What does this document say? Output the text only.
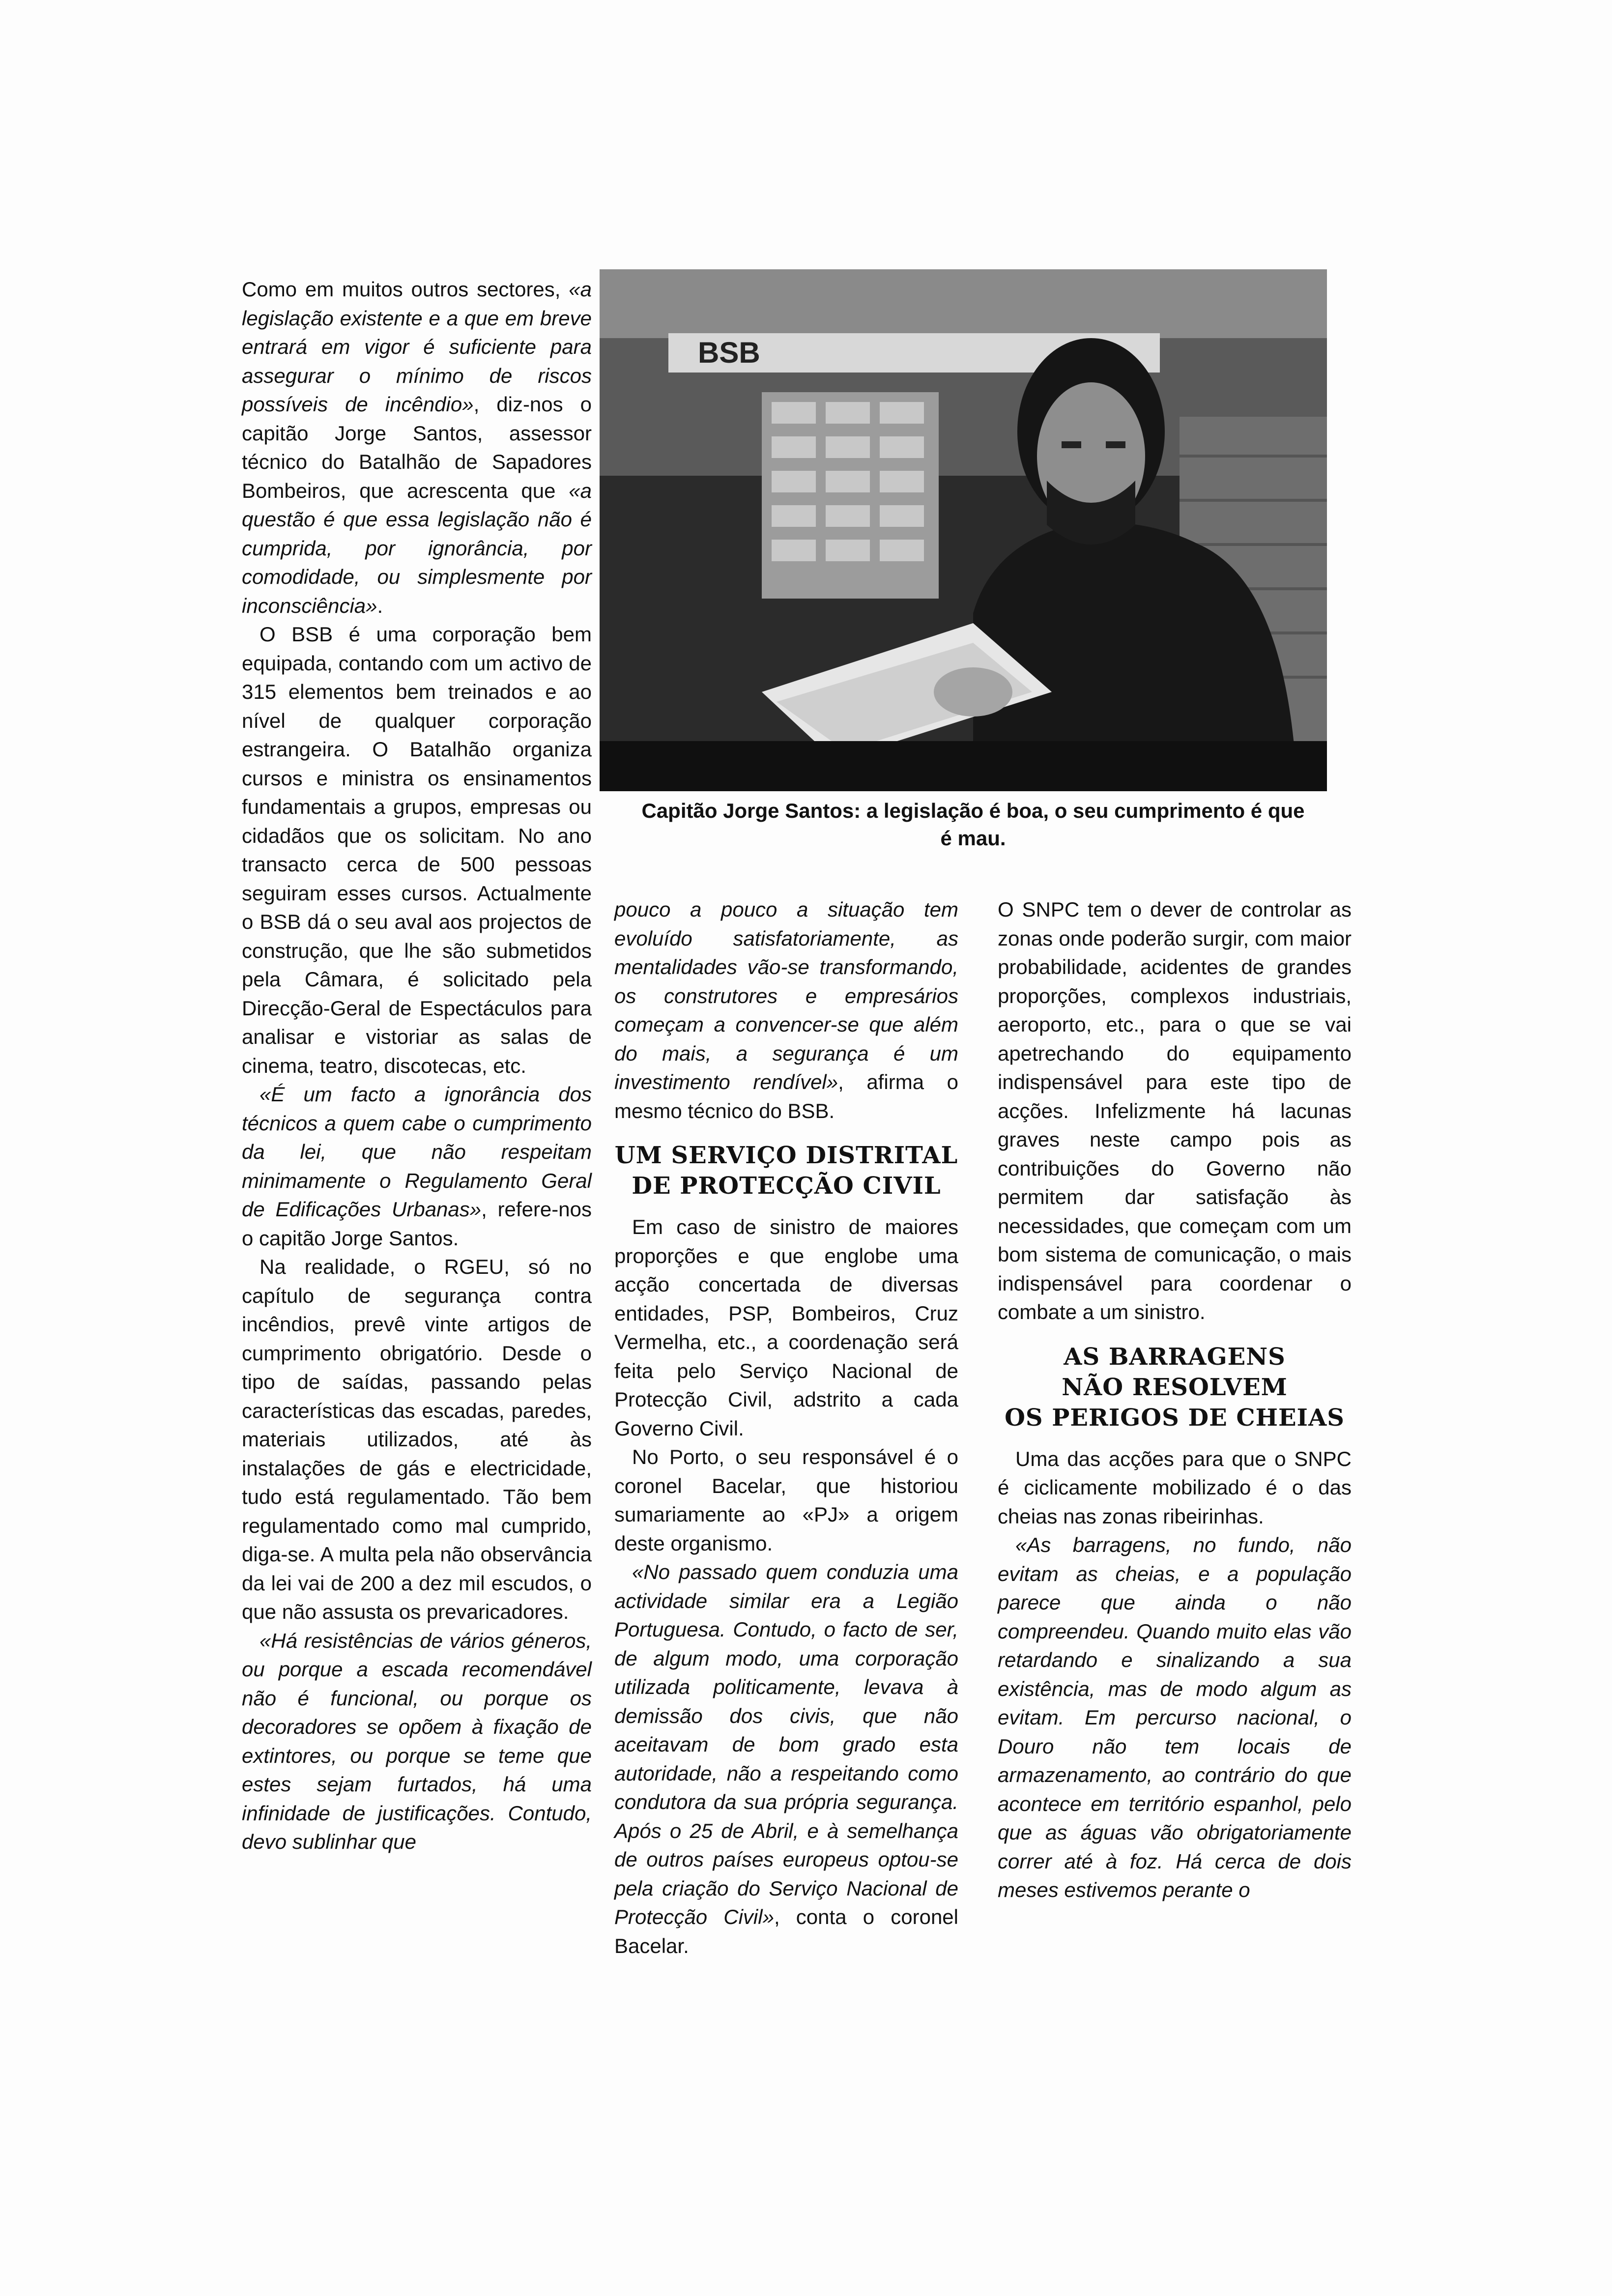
Como em muitos outros sectores, «a legislação existente e a que em breve entrará em vigor é suficiente para assegurar o mínimo de riscos possíveis de incêndio», diz-nos o capitão Jorge Santos, assessor técnico do Batalhão de Sapadores Bombeiros, que acrescenta que «a questão é que essa legislação não é cumprida, por ignorância, por comodidade, ou simplesmente por inconsciência».

O BSB é uma corporação bem equipada, contando com um activo de 315 elementos bem treinados e ao nível de qualquer corporação estrangeira. O Batalhão organiza cursos e ministra os ensinamentos fundamentais a grupos, empresas ou cidadãos que os solicitam. No ano transacto cerca de 500 pessoas seguiram esses cursos. Actualmente o BSB dá o seu aval aos projectos de construção, que lhe são submetidos pela Câmara, é solicitado pela Direcção-Geral de Espectáculos para analisar e vistoriar as salas de cinema, teatro, discotecas, etc.

«É um facto a ignorância dos técnicos a quem cabe o cumprimento da lei, que não respeitam minimamente o Regulamento Geral de Edificações Urbanas», refere-nos o capitão Jorge Santos.

Na realidade, o RGEU, só no capítulo de segurança contra incêndios, prevê vinte artigos de cumprimento obrigatório. Desde o tipo de saídas, passando pelas características das escadas, paredes, materiais utilizados, até às instalações de gás e electricidade, tudo está regulamentado. Tão bem regulamentado como mal cumprido, diga-se. A multa pela não observância da lei vai de 200 a dez mil escudos, o que não assusta os prevaricadores.

«Há resistências de vários géneros, ou porque a escada recomendável não é funcional, ou porque os decoradores se opõem à fixação de extintores, ou porque se teme que estes sejam furtados, há uma infinidade de justificações. Contudo, devo sublinhar que

BSB
Capitão Jorge Santos: a legislação é boa, o seu cumprimento é que é mau.

pouco a pouco a situação tem evoluído satisfatoriamente, as mentalidades vão-se transformando, os construtores e empresários começam a convencer-se que além do mais, a segurança é um investimento rendível», afirma o mesmo técnico do BSB.

UM SERVIÇO DISTRITAL
DE PROTECÇÃO CIVIL

Em caso de sinistro de maiores proporções e que englobe uma acção concertada de diversas entidades, PSP, Bombeiros, Cruz Vermelha, etc., a coordenação será feita pelo Serviço Nacional de Protecção Civil, adstrito a cada Governo Civil.

No Porto, o seu responsável é o coronel Bacelar, que historiou sumariamente ao «PJ» a origem deste organismo.

«No passado quem conduzia uma actividade similar era a Legião Portuguesa. Contudo, o facto de ser, de algum modo, uma corporação utilizada politicamente, levava à demissão dos civis, que não aceitavam de bom grado esta autoridade, não a respeitando como condutora da sua própria segurança. Após o 25 de Abril, e à semelhança de outros países europeus optou-se pela criação do Serviço Nacional de Protecção Civil», conta o coronel Bacelar.

O SNPC tem o dever de controlar as zonas onde poderão surgir, com maior probabilidade, acidentes de grandes proporções, complexos industriais, aeroporto, etc., para o que se vai apetrechando do equipamento indispensável para este tipo de acções. Infelizmente há lacunas graves neste campo pois as contribuições do Governo não permitem dar satisfação às necessidades, que começam com um bom sistema de comunicação, o mais indispensável para coordenar o combate a um sinistro.

AS BARRAGENS
NÃO RESOLVEM
OS PERIGOS DE CHEIAS

Uma das acções para que o SNPC é ciclicamente mobilizado é o das cheias nas zonas ribeirinhas.

«As barragens, no fundo, não evitam as cheias, e a população parece que ainda o não compreendeu. Quando muito elas vão retardando e sinalizando a sua existência, mas de modo algum as evitam. Em percurso nacional, o Douro não tem locais de armazenamento, ao contrário do que acontece em território espanhol, pelo que as águas vão obrigatoriamente correr até à foz. Há cerca de dois meses estivemos perante o
